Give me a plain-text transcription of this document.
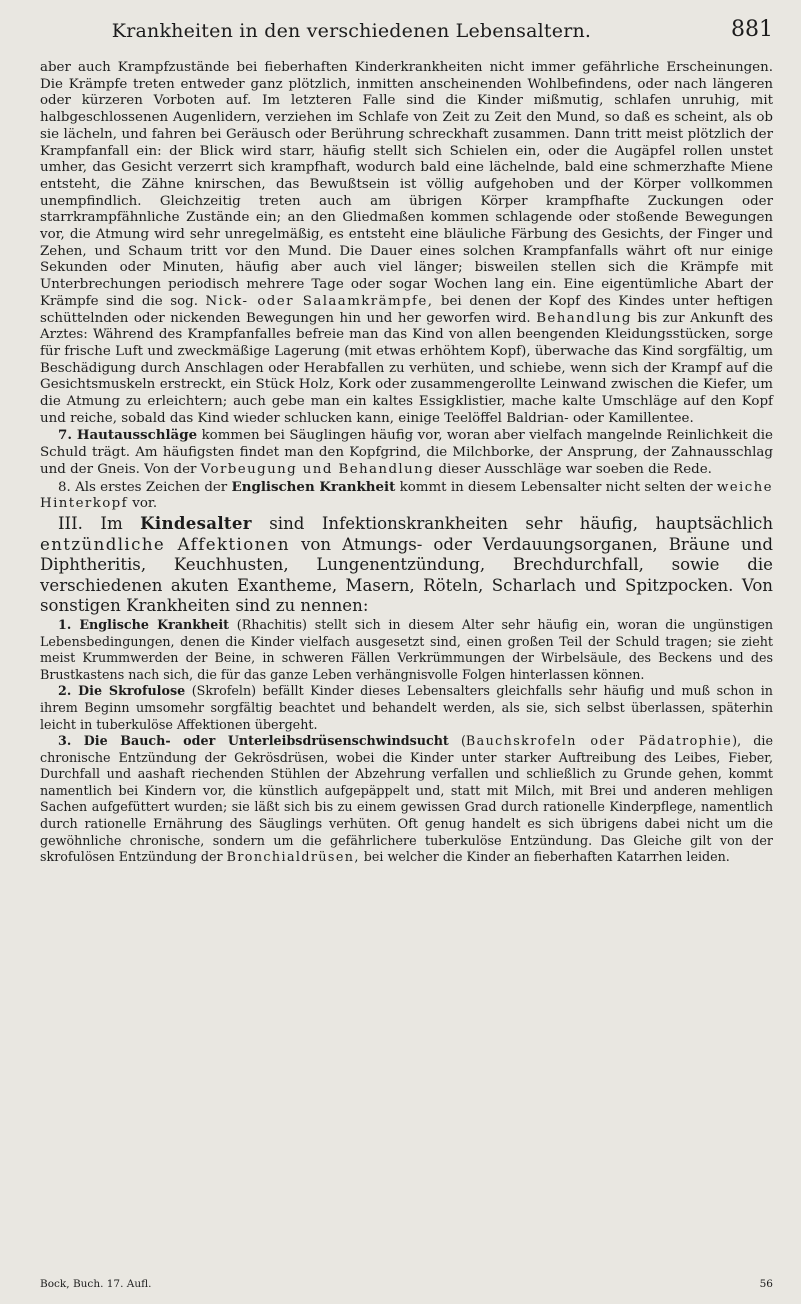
Krankheiten in den verschiedenen Lebensaltern.	881

aber auch Krampfzustände bei fieberhaften Kinderkrankheiten nicht immer gefährliche Erscheinungen. Die Krämpfe treten entweder ganz plötzlich, inmitten anscheinenden Wohlbefindens, oder nach längeren oder kürzeren Vorboten auf. Im letzteren Falle sind die Kinder mißmutig, schlafen unruhig, mit halbgeschlossenen Augenlidern, verziehen im Schlafe von Zeit zu Zeit den Mund, so daß es scheint, als ob sie lächeln, und fahren bei Geräusch oder Berührung schreckhaft zusammen. Dann tritt meist plötzlich der Krampfanfall ein: der Blick wird starr, häufig stellt sich Schielen ein, oder die Augäpfel rollen unstet umher, das Gesicht verzerrt sich krampfhaft, wodurch bald eine lächelnde, bald eine schmerzhafte Miene entsteht, die Zähne knirschen, das Bewußtsein ist völlig aufgehoben und der Körper vollkommen unempfindlich. Gleichzeitig treten auch am übrigen Körper krampfhafte Zuckungen oder starrkrampfähnliche Zustände ein; an den Gliedmaßen kommen schlagende oder stoßende Bewegungen vor, die Atmung wird sehr unregelmäßig, es entsteht eine bläuliche Färbung des Gesichts, der Finger und Zehen, und Schaum tritt vor den Mund. Die Dauer eines solchen Krampfanfalls währt oft nur einige Sekunden oder Minuten, häufig aber auch viel länger; bisweilen stellen sich die Krämpfe mit Unterbrechungen periodisch mehrere Tage oder sogar Wochen lang ein. Eine eigentümliche Abart der Krämpfe sind die sog. Nick- oder Salaamkrämpfe, bei denen der Kopf des Kindes unter heftigen schüttelnden oder nickenden Bewegungen hin und her geworfen wird. Behandlung bis zur Ankunft des Arztes: Während des Krampfanfalles befreie man das Kind von allen beengenden Kleidungsstücken, sorge für frische Luft und zweckmäßige Lagerung (mit etwas erhöhtem Kopf), überwache das Kind sorgfältig, um Beschädigung durch Anschlagen oder Herabfallen zu verhüten, und schiebe, wenn sich der Krampf auf die Gesichtsmuskeln erstreckt, ein Stück Holz, Kork oder zusammengerollte Leinwand zwischen die Kiefer, um die Atmung zu erleichtern; auch gebe man ein kaltes Essigklistier, mache kalte Umschläge auf den Kopf und reiche, sobald das Kind wieder schlucken kann, einige Teelöffel Baldrian- oder Kamillentee.

7. Hautausschläge kommen bei Säuglingen häufig vor, woran aber vielfach mangelnde Reinlichkeit die Schuld trägt. Am häufigsten findet man den Kopfgrind, die Milchborke, der Ansprung, der Zahnausschlag und der Gneis. Von der Vorbeugung und Behandlung dieser Ausschläge war soeben die Rede.

8. Als erstes Zeichen der Englischen Krankheit kommt in diesem Lebensalter nicht selten der weiche Hinterkopf vor.

III. Im Kindesalter sind Infektionskrankheiten sehr häufig, hauptsächlich entzündliche Affektionen von Atmungs- oder Verdauungsorganen, Bräune und Diphtheritis, Keuchhusten, Lungenentzündung, Brechdurchfall, sowie die verschiedenen akuten Exantheme, Masern, Röteln, Scharlach und Spitzpocken. Von sonstigen Krankheiten sind zu nennen:

1. Englische Krankheit (Rhachitis) stellt sich in diesem Alter sehr häufig ein, woran die ungünstigen Lebensbedingungen, denen die Kinder vielfach ausgesetzt sind, einen großen Teil der Schuld tragen; sie zieht meist Krummwerden der Beine, in schweren Fällen Verkrümmungen der Wirbelsäule, des Beckens und des Brustkastens nach sich, die für das ganze Leben verhängnisvolle Folgen hinterlassen können.

2. Die Skrofulose (Skrofeln) befällt Kinder dieses Lebensalters gleichfalls sehr häufig und muß schon in ihrem Beginn umsomehr sorgfältig beachtet und behandelt werden, als sie, sich selbst überlassen, späterhin leicht in tuberkulöse Affektionen übergeht.

3. Die Bauch- oder Unterleibsdrüsenschwindsucht (Bauchskrofeln oder Pädatrophie), die chronische Entzündung der Gekrösdrüsen, wobei die Kinder unter starker Auftreibung des Leibes, Fieber, Durchfall und aashaft riechenden Stühlen der Abzehrung verfallen und schließlich zu Grunde gehen, kommt namentlich bei Kindern vor, die künstlich aufgepäppelt und, statt mit Milch, mit Brei und anderen mehligen Sachen aufgefüttert wurden; sie läßt sich bis zu einem gewissen Grad durch rationelle Kinderpflege, namentlich durch rationelle Ernährung des Säuglings verhüten. Oft genug handelt es sich übrigens dabei nicht um die gewöhnliche chronische, sondern um die gefährlichere tuberkulöse Entzündung. Das Gleiche gilt von der skrofulösen Entzündung der Bronchialdrüsen, bei welcher die Kinder an fieberhaften Katarrhen leiden.

Bock, Buch. 17. Aufl.	56
